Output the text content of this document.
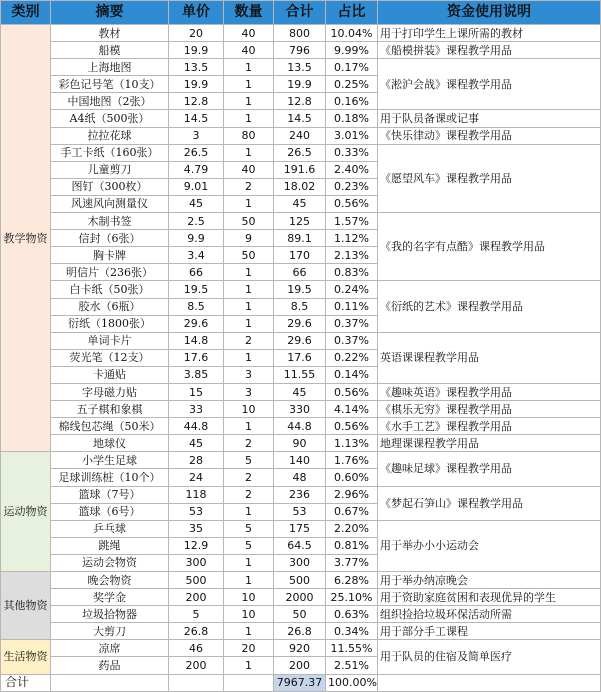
类别	摘要	单价	数量	合计	占比	资金使用说明
教学物资	教材	20	40	800	10.04%	用于打印学生上课所需的教材
	船模	19.9	40	796	9.99%	《船模拼装》课程教学用品
	上海地图	13.5	1	13.5	0.17%	《淞沪会战》课程教学用品
	彩色记号笔（10支）	19.9	1	19.9	0.25%	
	中国地图（2张）	12.8	1	12.8	0.16%	
	A4纸（500张）	14.5	1	14.5	0.18%	用于队员备课或记事
	拉拉花球	3	80	240	3.01%	《快乐律动》课程教学用品
	手工卡纸（160张）	26.5	1	26.5	0.33%	《愿望风车》课程教学用品
	儿童剪刀	4.79	40	191.6	2.40%	
	图钉（300枚）	9.01	2	18.02	0.23%	
	风速风向测量仪	45	1	45	0.56%	
	木制书签	2.5	50	125	1.57%	《我的名字有点酷》课程教学用品
	信封（6张）	9.9	9	89.1	1.12%	
	胸卡牌	3.4	50	170	2.13%	
	明信片（236张）	66	1	66	0.83%	
	白卡纸（50张）	19.5	1	19.5	0.24%	《衍纸的艺术》课程教学用品
	胶水（6瓶）	8.5	1	8.5	0.11%	
	衍纸（1800张）	29.6	1	29.6	0.37%	
	单词卡片	14.8	2	29.6	0.37%	英语课课程教学用品
	荧光笔（12支）	17.6	1	17.6	0.22%	
	卡通贴	3.85	3	11.55	0.14%	
	字母磁力贴	15	3	45	0.56%	《趣味英语》课程教学用品
	五子棋和象棋	33	10	330	4.14%	《棋乐无穷》课程教学用品
	棉线包芯绳（50米）	44.8	1	44.8	0.56%	《水手工艺》课程教学用品
	地球仪	45	2	90	1.13%	地理课课程教学用品
运动物资	小学生足球	28	5	140	1.76%	《趣味足球》课程教学用品
	足球训练桩（10个）	24	2	48	0.60%	
	篮球（7号）	118	2	236	2.96%	《梦起石笋山》课程教学用品
	篮球（6号）	53	1	53	0.67%	
	乒乓球	35	5	175	2.20%	用于举办小小运动会
	跳绳	12.9	5	64.5	0.81%	
	运动会物资	300	1	300	3.77%	
其他物资	晚会物资	500	1	500	6.28%	用于举办纳凉晚会
	奖学金	200	10	2000	25.10%	用于资助家庭贫困和表现优异的学生
	垃圾拾物器	5	10	50	0.63%	组织捡拾垃圾环保活动所需
	大剪刀	26.8	1	26.8	0.34%	用于部分手工课程
生活物资	凉席	46	20	920	11.55%	用于队员的住宿及简单医疗
	药品	200	1	200	2.51%	
合计				7967.37	100.00%	
